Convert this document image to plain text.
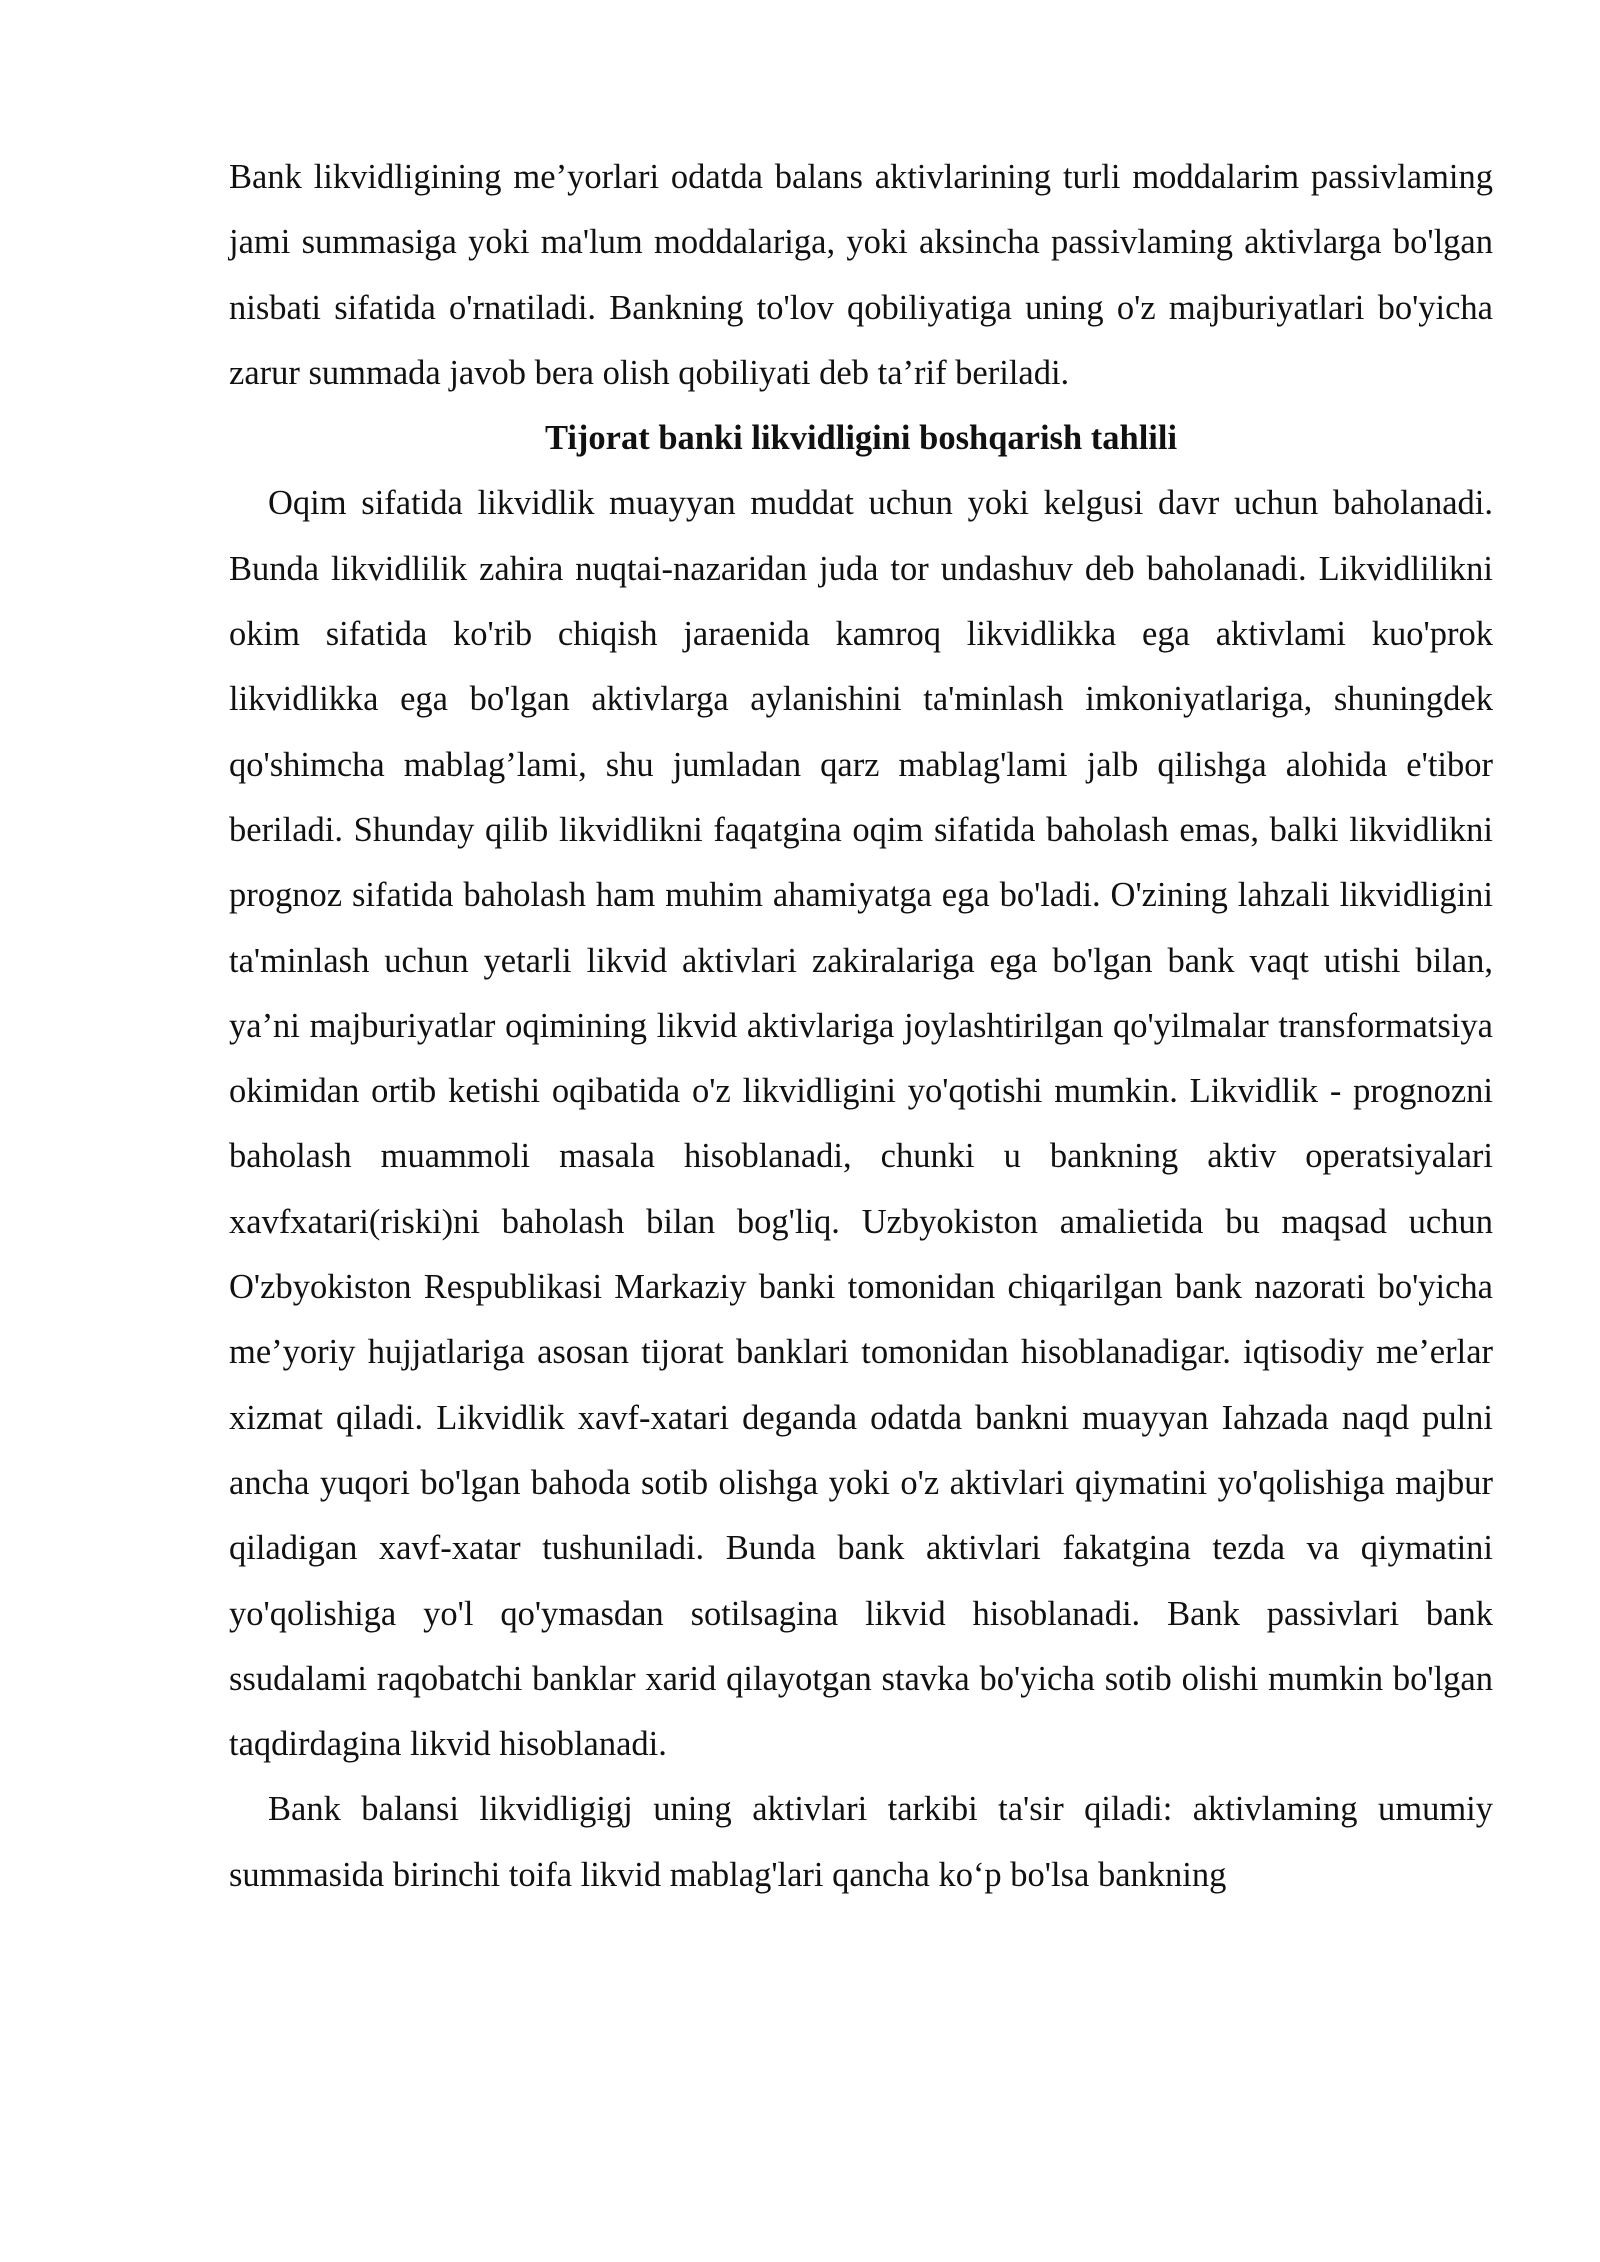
Bank likvidligining me’yorlari odatda balans aktivlarining turli moddalarim passivlaming jami summasiga yoki ma'lum moddalariga, yoki aksincha passivlaming aktivlarga bo'lgan nisbati sifatida o'rnatiladi. Bankning to'lov qobiliyatiga uning o'z majburiyatlari bo'yicha zarur summada javob bera olish qobiliyati deb ta’rif beriladi.

Tijorat banki likvidligini boshqarish tahlili

Oqim sifatida likvidlik muayyan muddat uchun yoki kelgusi davr uchun baholanadi. Bunda likvidlilik zahira nuqtai-nazaridan juda tor undashuv deb baholanadi. Likvidlilikni okim sifatida ko'rib chiqish jaraenida kamroq likvidlikka ega aktivlami kuo'prok likvidlikka ega bo'lgan aktivlarga aylanishini ta'minlash imkoniyatlariga, shuningdek qo'shimcha mablag’lami, shu jumladan qarz mablag'lami jalb qilishga alohida e'tibor beriladi. Shunday qilib likvidlikni faqatgina oqim sifatida baholash emas, balki likvidlikni prognoz sifatida baholash ham muhim ahamiyatga ega bo'ladi. O'zining lahzali likvidligini ta'minlash uchun yetarli likvid aktivlari zakiralariga ega bo'lgan bank vaqt utishi bilan, ya’ni majburiyatlar oqimining likvid aktivlariga joylashtirilgan qo'yilmalar transformatsiya okimidan ortib ketishi oqibatida o'z likvidligini yo'qotishi mumkin. Likvidlik - prognozni baholash muammoli masala hisoblanadi, chunki u bankning aktiv operatsiyalari xavfxatari(riski)ni baholash bilan bog'liq. Uzbyokiston amalietida bu maqsad uchun O'zbyokiston Respublikasi Markaziy banki tomonidan chiqarilgan bank nazorati bo'yicha me’yoriy hujjatlariga asosan tijorat banklari tomonidan hisoblanadigar. iqtisodiy me’erlar xizmat qiladi. Likvidlik xavf-xatari deganda odatda bankni muayyan Iahzada naqd pulni ancha yuqori bo'lgan bahoda sotib olishga yoki o'z aktivlari qiymatini yo'qolishiga majbur qiladigan xavf-xatar tushuniladi. Bunda bank aktivlari fakatgina tezda va qiymatini yo'qolishiga yo'l qo'ymasdan sotilsagina likvid hisoblanadi. Bank passivlari bank ssudalami raqobatchi banklar xarid qilayotgan stavka bo'yicha sotib olishi mumkin bo'lgan taqdirdagina likvid hisoblanadi.

Bank balansi likvidligigj uning aktivlari tarkibi ta'sir qiladi: aktivlaming umumiy summasida birinchi toifa likvid mablag'lari qancha ko‘p bo'lsa bankning
